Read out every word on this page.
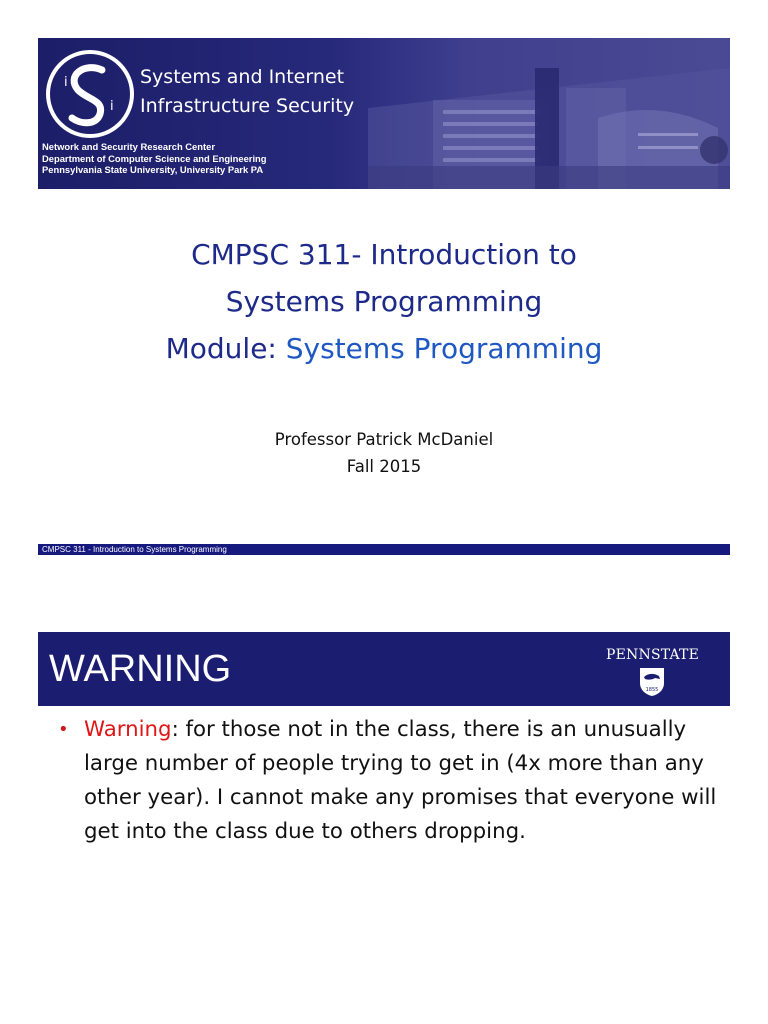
i
i
Systems and Internet
Infrastructure Security
Network and Security Research Center
Department of Computer Science and Engineering
Pennsylvania State University, University Park PA
CMPSC 311- Introduction to
Systems Programming
Module: Systems Programming
Professor Patrick McDaniel
Fall 2015
CMPSC 311 - Introduction to Systems Programming
WARNING	PENNSTATE
1855
• Warning: for those not in the class, there is an unusually large number of people trying to get in (4x more than any other year). I cannot make any promises that everyone will get into the class due to others dropping.
